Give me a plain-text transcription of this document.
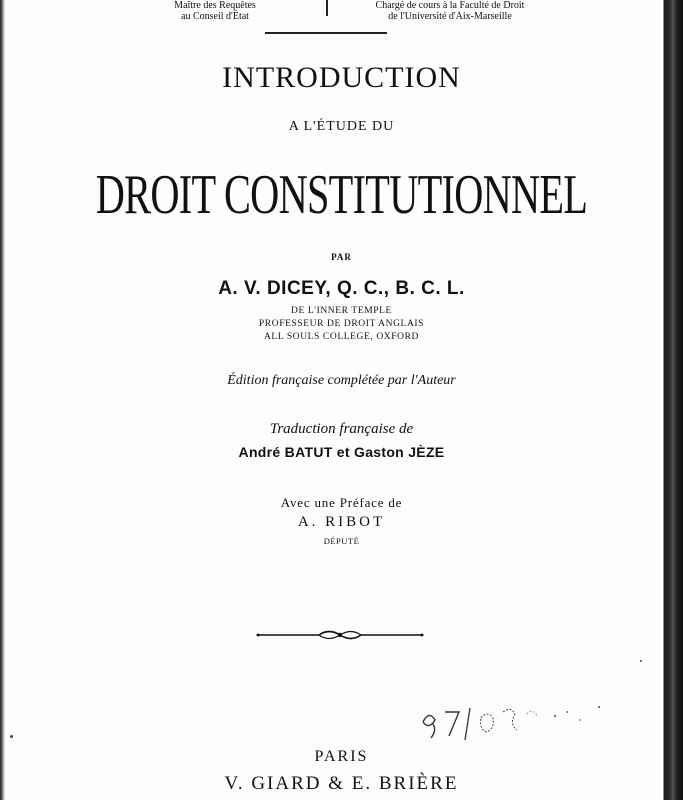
Maître des Requêtes
au Conseil d'État
Chargé de cours à la Faculté de Droit
de l'Université d'Aix-Marseille
INTRODUCTION
A L'ÉTUDE DU
DROIT CONSTITUTIONNEL
PAR
A. V. DICEY, Q. C., B. C. L.
DE L'INNER TEMPLE
PROFESSEUR DE DROIT ANGLAIS
ALL SOULS COLLEGE, OXFORD
Édition française complétée par l'Auteur
Traduction française de
André BATUT et Gaston JÈZE
Avec une Préface de
A. RIBOT
DÉPUTÉ
PARIS
V. GIARD & E. BRIÈRE
